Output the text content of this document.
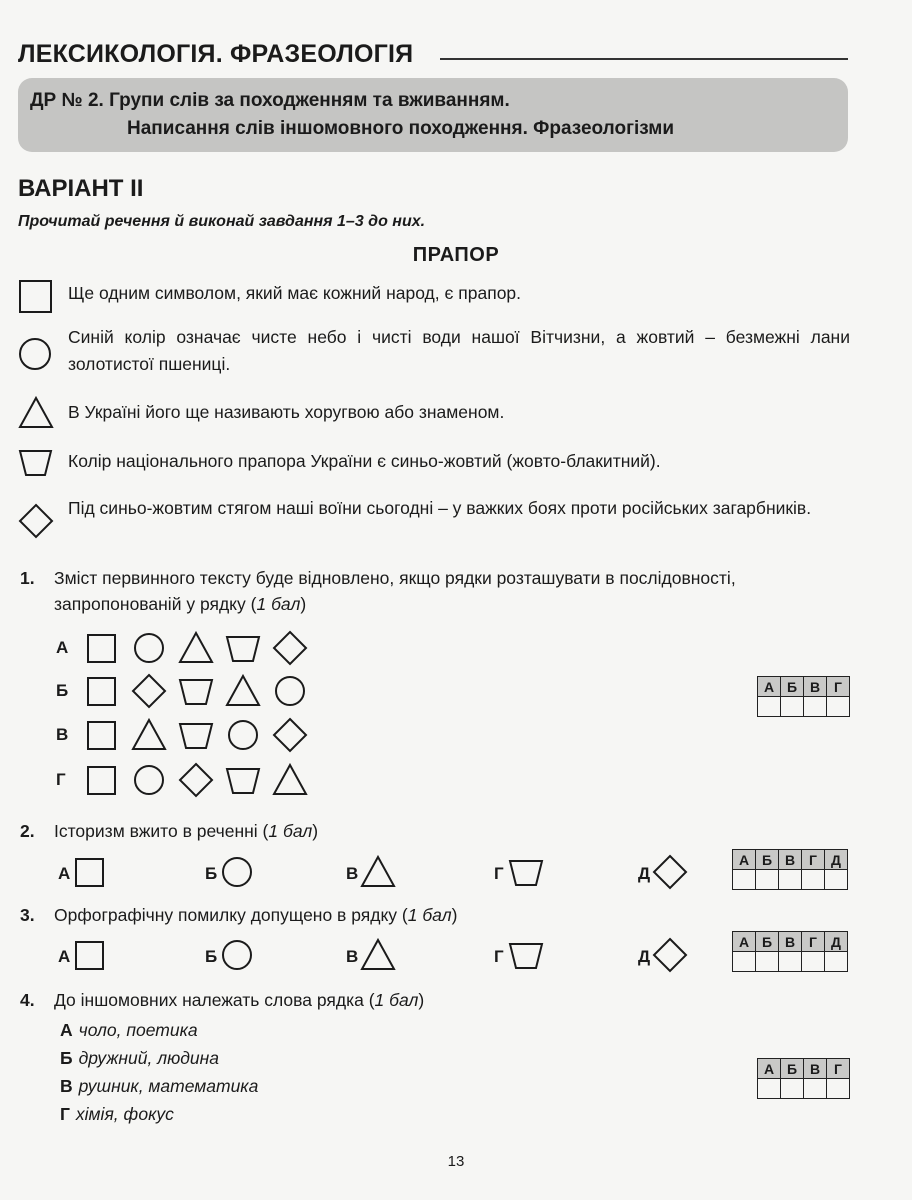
ЛЕКСИКОЛОГІЯ. ФРАЗЕОЛОГІЯ
ДР № 2. Групи слів за походженням та вживанням.
Написання слів іншомовного походження. Фразеологізми
ВАРІАНТ ІІ
Прочитай речення й виконай завдання 1–3 до них.
ПРАПОР
Ще одним символом, який має кожний народ, є прапор.
Синій колір означає чисте небо і чисті води нашої Вітчизни, а жовтий – безмежні лани золотистої пшениці.
В Україні його ще називають хоругвою або знаменом.
Колір національного прапора України є синьо-жовтий (жовто-блакитний).
Під синьо-жовтим стягом наші воїни сьогодні – у важких боях проти російських загарбників.
1. Зміст первинного тексту буде відновлено, якщо рядки розташувати в послідовності,
запропонованій у рядку (1 бал)
А
Б
В
Г
А	Б	В	Г

2. Історизм вжито в реченні (1 бал)
А	Б	В	Г	Д
А	Б	В	Г	Д

3. Орфографічну помилку допущено в рядку (1 бал)
А	Б	В	Г	Д
А	Б	В	Г	Д

4. До іншомовних належать слова рядка (1 бал)
А чоло, поетика
Б дружний, людина
В рушник, математика
Г хімія, фокус
А	Б	В	Г

13
